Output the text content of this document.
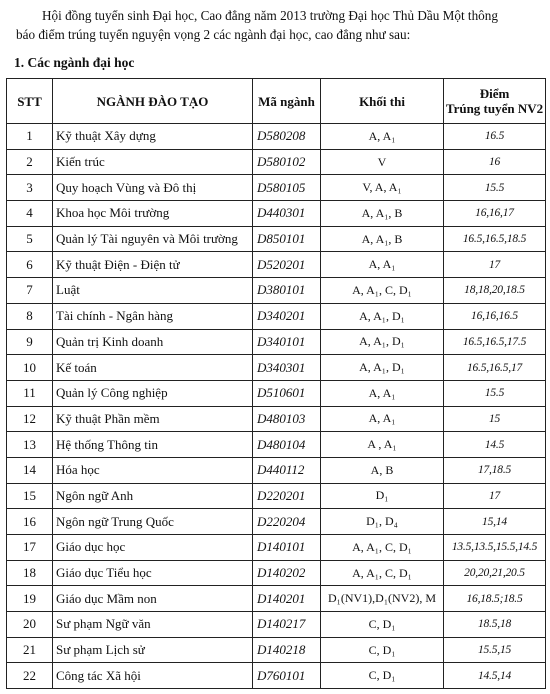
Hội đồng tuyển sinh Đại học, Cao đẳng năm 2013 trường Đại học Thủ Dầu Một thông
báo điểm trúng tuyển nguyện vọng 2 các ngành đại học, cao đẳng như sau:
1. Các ngành đại học
STT	NGÀNH ĐÀO TẠO	Mã ngành	Khối thi	Điểm
Trúng tuyển NV2

1	Kỹ thuật Xây dựng	D580208	A, A₁	16.5
2	Kiến trúc	D580102	V	16
3	Quy hoạch Vùng và Đô thị	D580105	V, A, A₁	15.5
4	Khoa học Môi trường	D440301	A, A₁, B	16,16,17
5	Quản lý Tài nguyên và Môi trường	D850101	A, A₁, B	16.5,16.5,18.5
6	Kỹ thuật Điện - Điện tử	D520201	A, A₁	17
7	Luật	D380101	A, A₁, C, D₁	18,18,20,18.5
8	Tài chính - Ngân hàng	D340201	A, A₁, D₁	16,16,16.5
9	Quản trị Kinh doanh	D340101	A, A₁, D₁	16.5,16.5,17.5
10	Kế toán	D340301	A, A₁, D₁	16.5,16.5,17
11	Quản lý Công nghiệp	D510601	A, A₁	15.5
12	Kỹ thuật Phần mềm	D480103	A, A₁	15
13	Hệ thống Thông tin	D480104	A , A₁	14.5
14	Hóa học	D440112	A, B	17,18.5
15	Ngôn ngữ Anh	D220201	D₁	17
16	Ngôn ngữ Trung Quốc	D220204	D₁, D₄	15,14
17	Giáo dục học	D140101	A, A₁, C, D₁	13.5,13.5,15.5,14.5
18	Giáo dục Tiểu học	D140202	A, A₁, C, D₁	20,20,21,20.5
19	Giáo dục Mầm non	D140201	D₁(NV1),D₁(NV2), M	16,18.5;18.5
20	Sư phạm Ngữ văn	D140217	C, D₁	18.5,18
21	Sư phạm Lịch sử	D140218	C, D₁	15.5,15
22	Công tác Xã hội	D760101	C, D₁	14.5,14
